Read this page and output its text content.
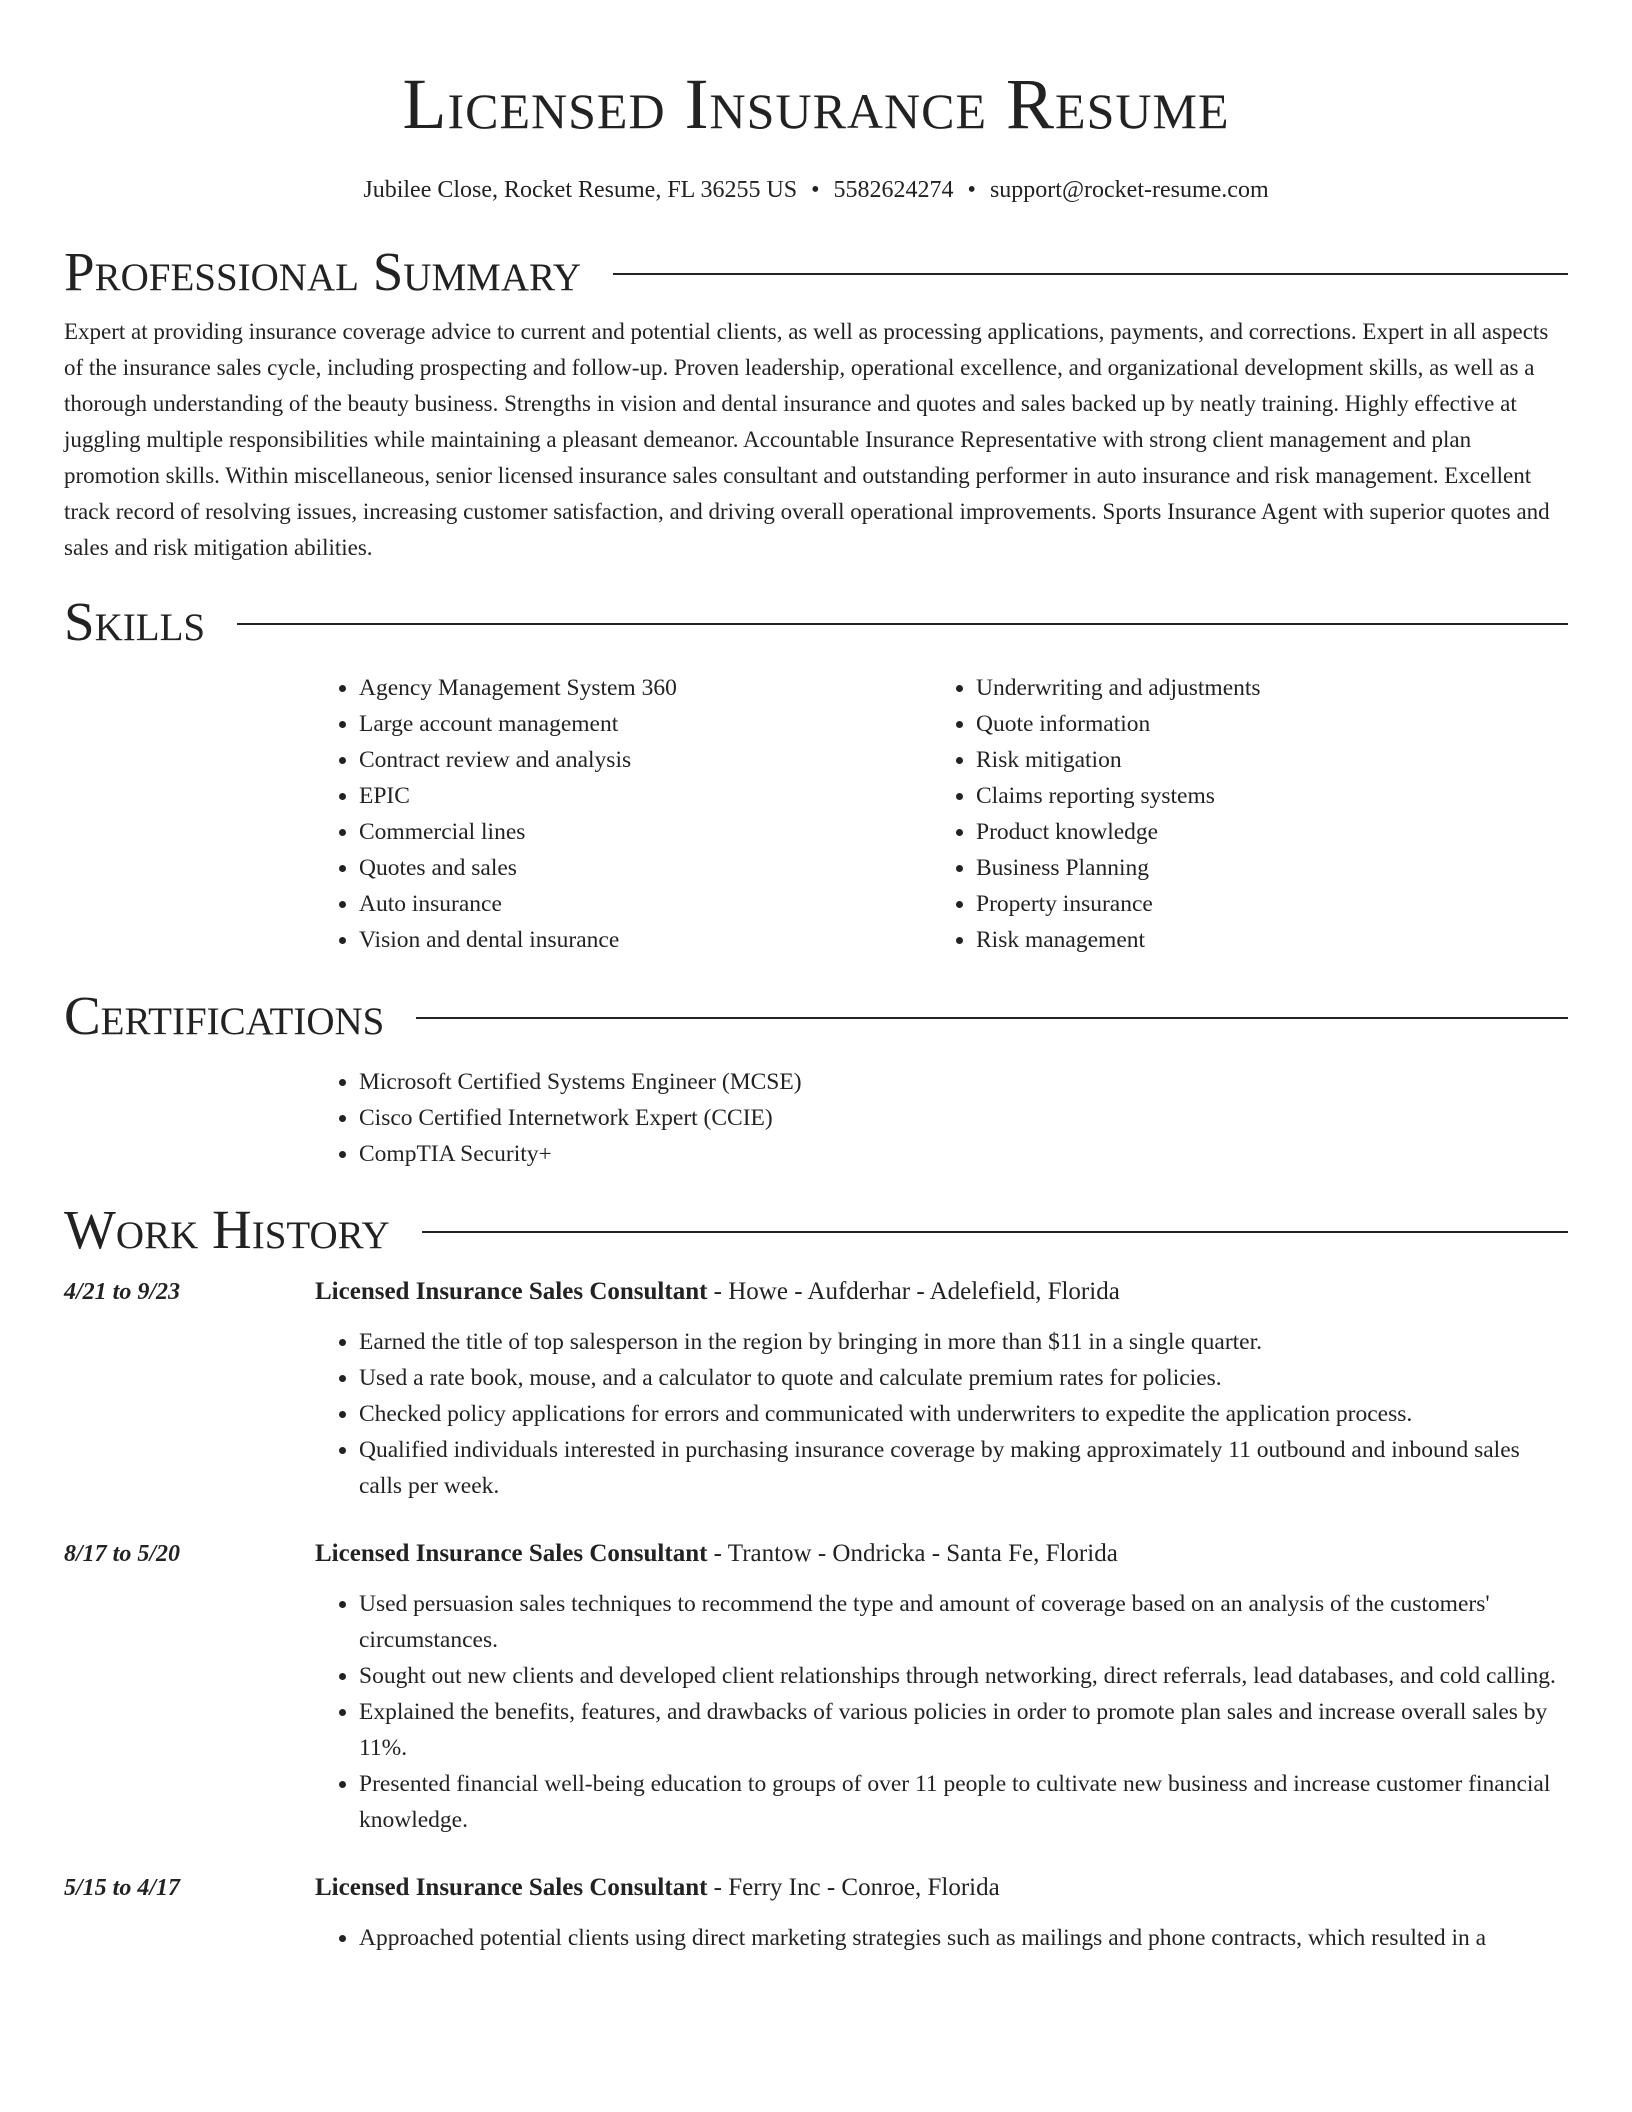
Licensed Insurance Resume
Jubilee Close, Rocket Resume, FL 36255 US • 5582624274 • support@rocket-resume.com
Professional Summary

Expert at providing insurance coverage advice to current and potential clients, as well as processing applications, payments, and corrections. Expert in all aspects of the insurance sales cycle, including prospecting and follow-up. Proven leadership, operational excellence, and organizational development skills, as well as a thorough understanding of the beauty business. Strengths in vision and dental insurance and quotes and sales backed up by neatly training. Highly effective at juggling multiple responsibilities while maintaining a pleasant demeanor. Accountable Insurance Representative with strong client management and plan promotion skills. Within miscellaneous, senior licensed insurance sales consultant and outstanding performer in auto insurance and risk management. Excellent track record of resolving issues, increasing customer satisfaction, and driving overall operational improvements. Sports Insurance Agent with superior quotes and sales and risk mitigation abilities.

Skills
• Agency Management System 360
• Large account management
• Contract review and analysis
• EPIC
• Commercial lines
• Quotes and sales
• Auto insurance
• Vision and dental insurance
• Underwriting and adjustments
• Quote information
• Risk mitigation
• Claims reporting systems
• Product knowledge
• Business Planning
• Property insurance
• Risk management
Certifications
• Microsoft Certified Systems Engineer (MCSE)
• Cisco Certified Internetwork Expert (CCIE)
• CompTIA Security+
Work History
4/21 to 9/23	Licensed Insurance Sales Consultant - Howe - Aufderhar - Adelefield, Florida
• Earned the title of top salesperson in the region by bringing in more than $11 in a single quarter.
• Used a rate book, mouse, and a calculator to quote and calculate premium rates for policies.
• Checked policy applications for errors and communicated with underwriters to expedite the application process.
• Qualified individuals interested in purchasing insurance coverage by making approximately 11 outbound and inbound sales calls per week.
8/17 to 5/20	Licensed Insurance Sales Consultant - Trantow - Ondricka - Santa Fe, Florida
• Used persuasion sales techniques to recommend the type and amount of coverage based on an analysis of the customers' circumstances.
• Sought out new clients and developed client relationships through networking, direct referrals, lead databases, and cold calling.
• Explained the benefits, features, and drawbacks of various policies in order to promote plan sales and increase overall sales by 11%.
• Presented financial well-being education to groups of over 11 people to cultivate new business and increase customer financial knowledge.
5/15 to 4/17	Licensed Insurance Sales Consultant - Ferry Inc - Conroe, Florida
• Approached potential clients using direct marketing strategies such as mailings and phone contracts, which resulted in a
